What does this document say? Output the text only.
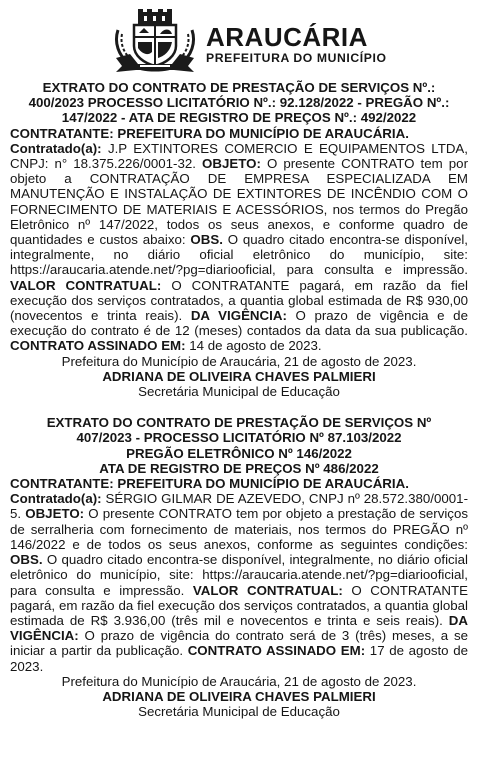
ARAUCÁRIA
PREFEITURA DO MUNICÍPIO
EXTRATO DO CONTRATO DE PRESTAÇÃO DE SERVIÇOS Nº.:
400/2023 PROCESSO LICITATÓRIO Nº.: 92.128/2022 - PREGÃO Nº.:
147/2022 - ATA DE REGISTRO DE PREÇOS Nº.: 492/2022
CONTRATANTE: PREFEITURA DO MUNICÍPIO DE ARAUCÁRIA.
Contratado(a): J.P EXTINTORES COMERCIO E EQUIPAMENTOS LTDA, CNPJ: n° 18.375.226/0001-32. OBJETO: O presente CONTRATO tem por objeto a CONTRATAÇÃO DE EMPRESA ESPECIALIZADA EM MANUTENÇÃO E INSTALAÇÃO DE EXTINTORES DE INCÊNDIO COM O FORNECIMENTO DE MATERIAIS E ACESSÓRIOS, nos termos do Pregão Eletrônico nº 147/2022, todos os seus anexos, e conforme quadro de quantidades e custos abaixo: OBS. O quadro citado encontra-se disponível, integralmente, no diário oficial eletrônico do município, site: https://araucaria.atende.net/?pg=diariooficial, para consulta e impressão. VALOR CONTRATUAL: O CONTRATANTE pagará, em razão da fiel execução dos serviços contratados, a quantia global estimada de R$ 930,00 (novecentos e trinta reais). DA VIGÊNCIA: O prazo de vigência e de execução do contrato é de 12 (meses) contados da data da sua publicação. CONTRATO ASSINADO EM: 14 de agosto de 2023.
Prefeitura do Município de Araucária, 21 de agosto de 2023.
ADRIANA DE OLIVEIRA CHAVES PALMIERI
Secretária Municipal de Educação
EXTRATO DO CONTRATO DE PRESTAÇÃO DE SERVIÇOS Nº
407/2023 - PROCESSO LICITATÓRIO Nº 87.103/2022
PREGÃO ELETRÔNICO Nº 146/2022
ATA DE REGISTRO DE PREÇOS Nº 486/2022
CONTRATANTE: PREFEITURA DO MUNICÍPIO DE ARAUCÁRIA.
Contratado(a): SÉRGIO GILMAR DE AZEVEDO, CNPJ nº 28.572.380/0001-5. OBJETO: O presente CONTRATO tem por objeto a prestação de serviços de serralheria com fornecimento de materiais, nos termos do PREGÃO nº 146/2022 e de todos os seus anexos, conforme as seguintes condições: OBS. O quadro citado encontra-se disponível, integralmente, no diário oficial eletrônico do município, site: https://araucaria.atende.net/?pg=diariooficial, para consulta e impressão. VALOR CONTRATUAL: O CONTRATANTE pagará, em razão da fiel execução dos serviços contratados, a quantia global estimada de R$ 3.936,00 (três mil e novecentos e trinta e seis reais). DA VIGÊNCIA: O prazo de vigência do contrato será de 3 (três) meses, a se iniciar a partir da publicação. CONTRATO ASSINADO EM: 17 de agosto de 2023.
Prefeitura do Município de Araucária, 21 de agosto de 2023.
ADRIANA DE OLIVEIRA CHAVES PALMIERI
Secretária Municipal de Educação
